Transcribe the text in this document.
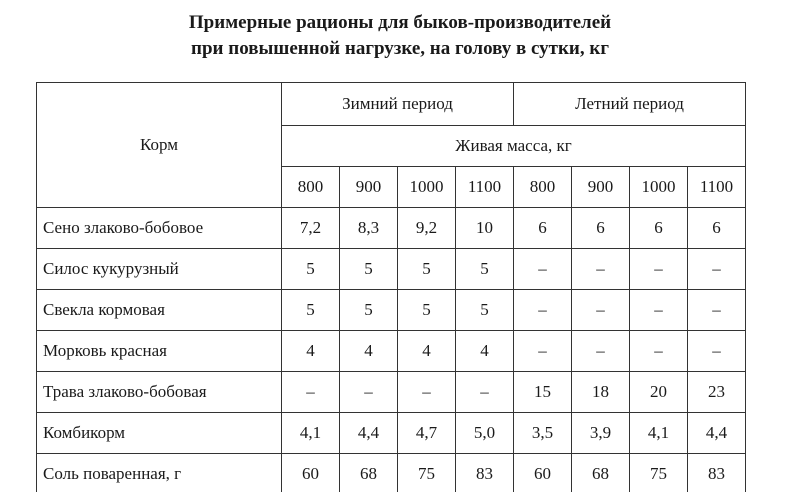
Примерные рационы для быков-производителей
при повышенной нагрузке, на голову в сутки, кг
Корм	Зимний период				Летний период			
	Живая масса, кг							
	800	900	1000	1100	800	900	1000	1100
Сено злаково-бобовое	7,2	8,3	9,2	10	6	6	6	6
Силос кукурузный	5	5	5	5	–	–	–	–
Свекла кормовая	5	5	5	5	–	–	–	–
Морковь красная	4	4	4	4	–	–	–	–
Трава злаково-бобовая	–	–	–	–	15	18	20	23
Комбикорм	4,1	4,4	4,7	5,0	3,5	3,9	4,1	4,4
Соль поваренная, г	60	68	75	83	60	68	75	83
